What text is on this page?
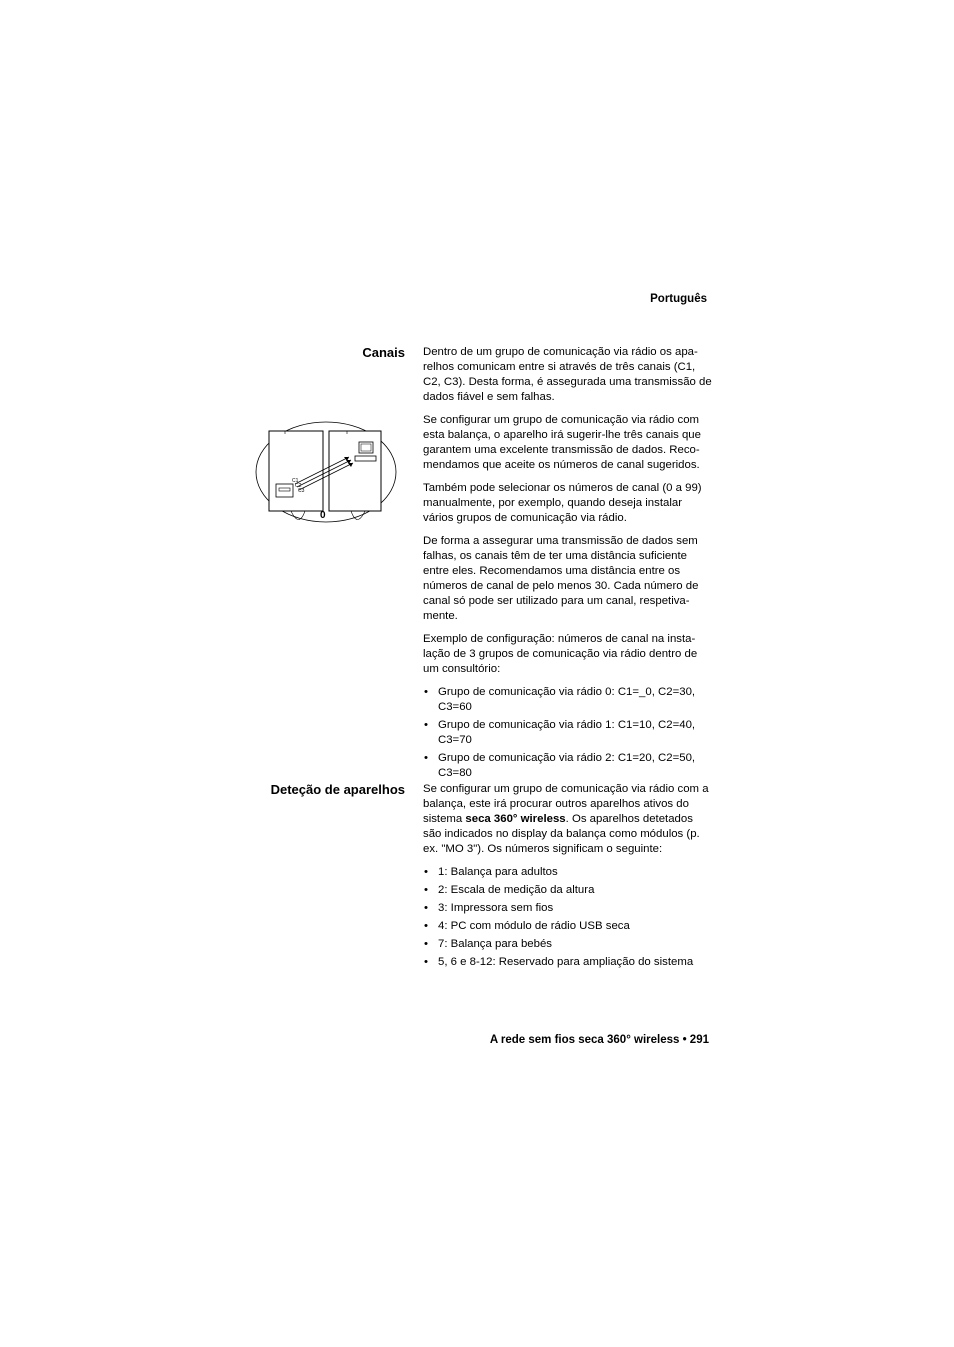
Português
Canais Dentro de um grupo de comunicação via rádio os apa-relhos comunicam entre si através de três canais (C1, C2, C3). Desta forma, é assegurada uma transmissão de dados fiável e sem falhas.

Se configurar um grupo de comunicação via rádio com esta balança, o aparelho irá sugerir-lhe três canais que garantem uma excelente transmissão de dados. Reco-mendamos que aceite os números de canal sugeridos.

Também pode selecionar os números de canal (0 a 99) manualmente, por exemplo, quando deseja instalar vários grupos de comunicação via rádio.

De forma a assegurar uma transmissão de dados sem falhas, os canais têm de ter uma distância suficiente entre eles. Recomendamos uma distância entre os números de canal de pelo menos 30. Cada número de canal só pode ser utilizado para um canal, respetiva-mente.

Exemplo de configuração: números de canal na insta-lação de 3 grupos de comunicação via rádio dentro de um consultório:

• Grupo de comunicação via rádio 0: C1=_0, C2=30, C3=60
• Grupo de comunicação via rádio 1: C1=10, C2=40, C3=70
• Grupo de comunicação via rádio 2: C1=20, C2=50, C3=80
C1
C2
C3
0
Deteção de aparelhos Se configurar um grupo de comunicação via rádio com a balança, este irá procurar outros aparelhos ativos do sistema seca 360° wireless. Os aparelhos detetados são indicados no display da balança como módulos (p. ex. "MO 3"). Os números significam o seguinte:

• 1: Balança para adultos
• 2: Escala de medição da altura
• 3: Impressora sem fios
• 4: PC com módulo de rádio USB seca
• 7: Balança para bebés
• 5, 6 e 8-12: Reservado para ampliação do sistema
A rede sem fios seca 360° wireless • 291
